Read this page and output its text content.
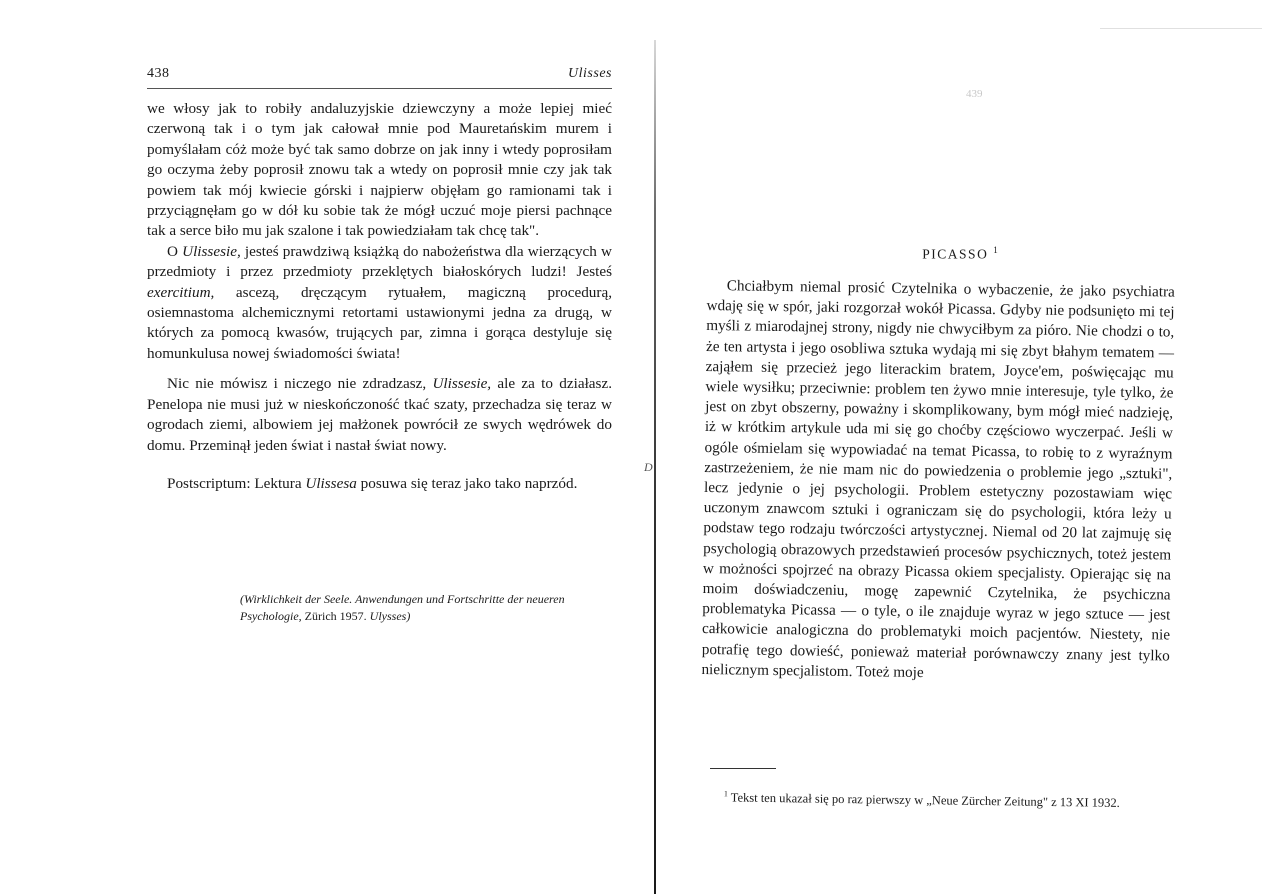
438	Ulisses

we włosy jak to robiły andaluzyjskie dziewczyny a może lepiej mieć czerwoną tak i o tym jak całował mnie pod Mauretańskim murem i pomyślałam cóż może być tak samo dobrze on jak inny i wtedy poprosiłam go oczyma żeby poprosił znowu tak a wtedy on poprosił mnie czy jak tak powiem tak mój kwiecie górski i najpierw objęłam go ramionami tak i przyciągnęłam go w dół ku sobie tak że mógł uczuć moje piersi pachnące tak a serce biło mu jak szalone i tak powiedziałam tak chcę tak".

O Ulissesie, jesteś prawdziwą książką do nabożeństwa dla wierzących w przedmioty i przez przedmioty przeklętych białoskórych ludzi! Jesteś exercitium, ascezą, dręczącym rytuałem, magiczną procedurą, osiemnastoma alchemicznymi retortami ustawionymi jedna za drugą, w których za pomocą kwasów, trujących par, zimna i gorąca destyluje się homunkulusa nowej świadomości świata!

Nic nie mówisz i niczego nie zdradzasz, Ulissesie, ale za to działasz. Penelopa nie musi już w nieskończoność tkać szaty, przechadza się teraz w ogrodach ziemi, albowiem jej małżonek powrócił ze swych wędrówek do domu. Przeminął jeden świat i nastał świat nowy.

Postscriptum: Lektura Ulissesa posuwa się teraz jako tako naprzód.

(Wirklichkeit der Seele. Anwendungen und Fortschritte der neueren Psychologie, Zürich 1957. Ulysses)
D
439
PICASSO $^1$

Chciałbym niemal prosić Czytelnika o wybaczenie, że jako psychiatra wdaję się w spór, jaki rozgorzał wokół Picassa. Gdyby nie podsunięto mi tej myśli z miarodajnej strony, nigdy nie chwyciłbym za pióro. Nie chodzi o to, że ten artysta i jego osobliwa sztuka wydają mi się zbyt błahym tematem — zająłem się przecież jego literackim bratem, Joyce'em, poświęcając mu wiele wysiłku; przeciwnie: problem ten żywo mnie interesuje, tyle tylko, że jest on zbyt obszerny, poważny i skomplikowany, bym mógł mieć nadzieję, iż w krótkim artykule uda mi się go choćby częściowo wyczerpać. Jeśli w ogóle ośmielam się wypowiadać na temat Picassa, to robię to z wyraźnym zastrzeżeniem, że nie mam nic do powiedzenia o problemie jego „sztuki", lecz jedynie o jej psychologii. Problem estetyczny pozostawiam więc uczonym znawcom sztuki i ograniczam się do psychologii, która leży u podstaw tego rodzaju twórczości artystycznej. Niemal od 20 lat zajmuję się psychologią obrazowych przedstawień procesów psychicznych, toteż jestem w możności spojrzeć na obrazy Picassa okiem specjalisty. Opierając się na moim doświadczeniu, mogę zapewnić Czytelnika, że psychiczna problematyka Picassa — o tyle, o ile znajduje wyraz w jego sztuce — jest całkowicie analogiczna do problematyki moich pacjentów. Niestety, nie potrafię tego dowieść, ponieważ materiał porównawczy znany jest tylko nielicznym specjalistom. Toteż moje

$^1$ Tekst ten ukazał się po raz pierwszy w „Neue Zürcher Zeitung" z 13 XI 1932.
